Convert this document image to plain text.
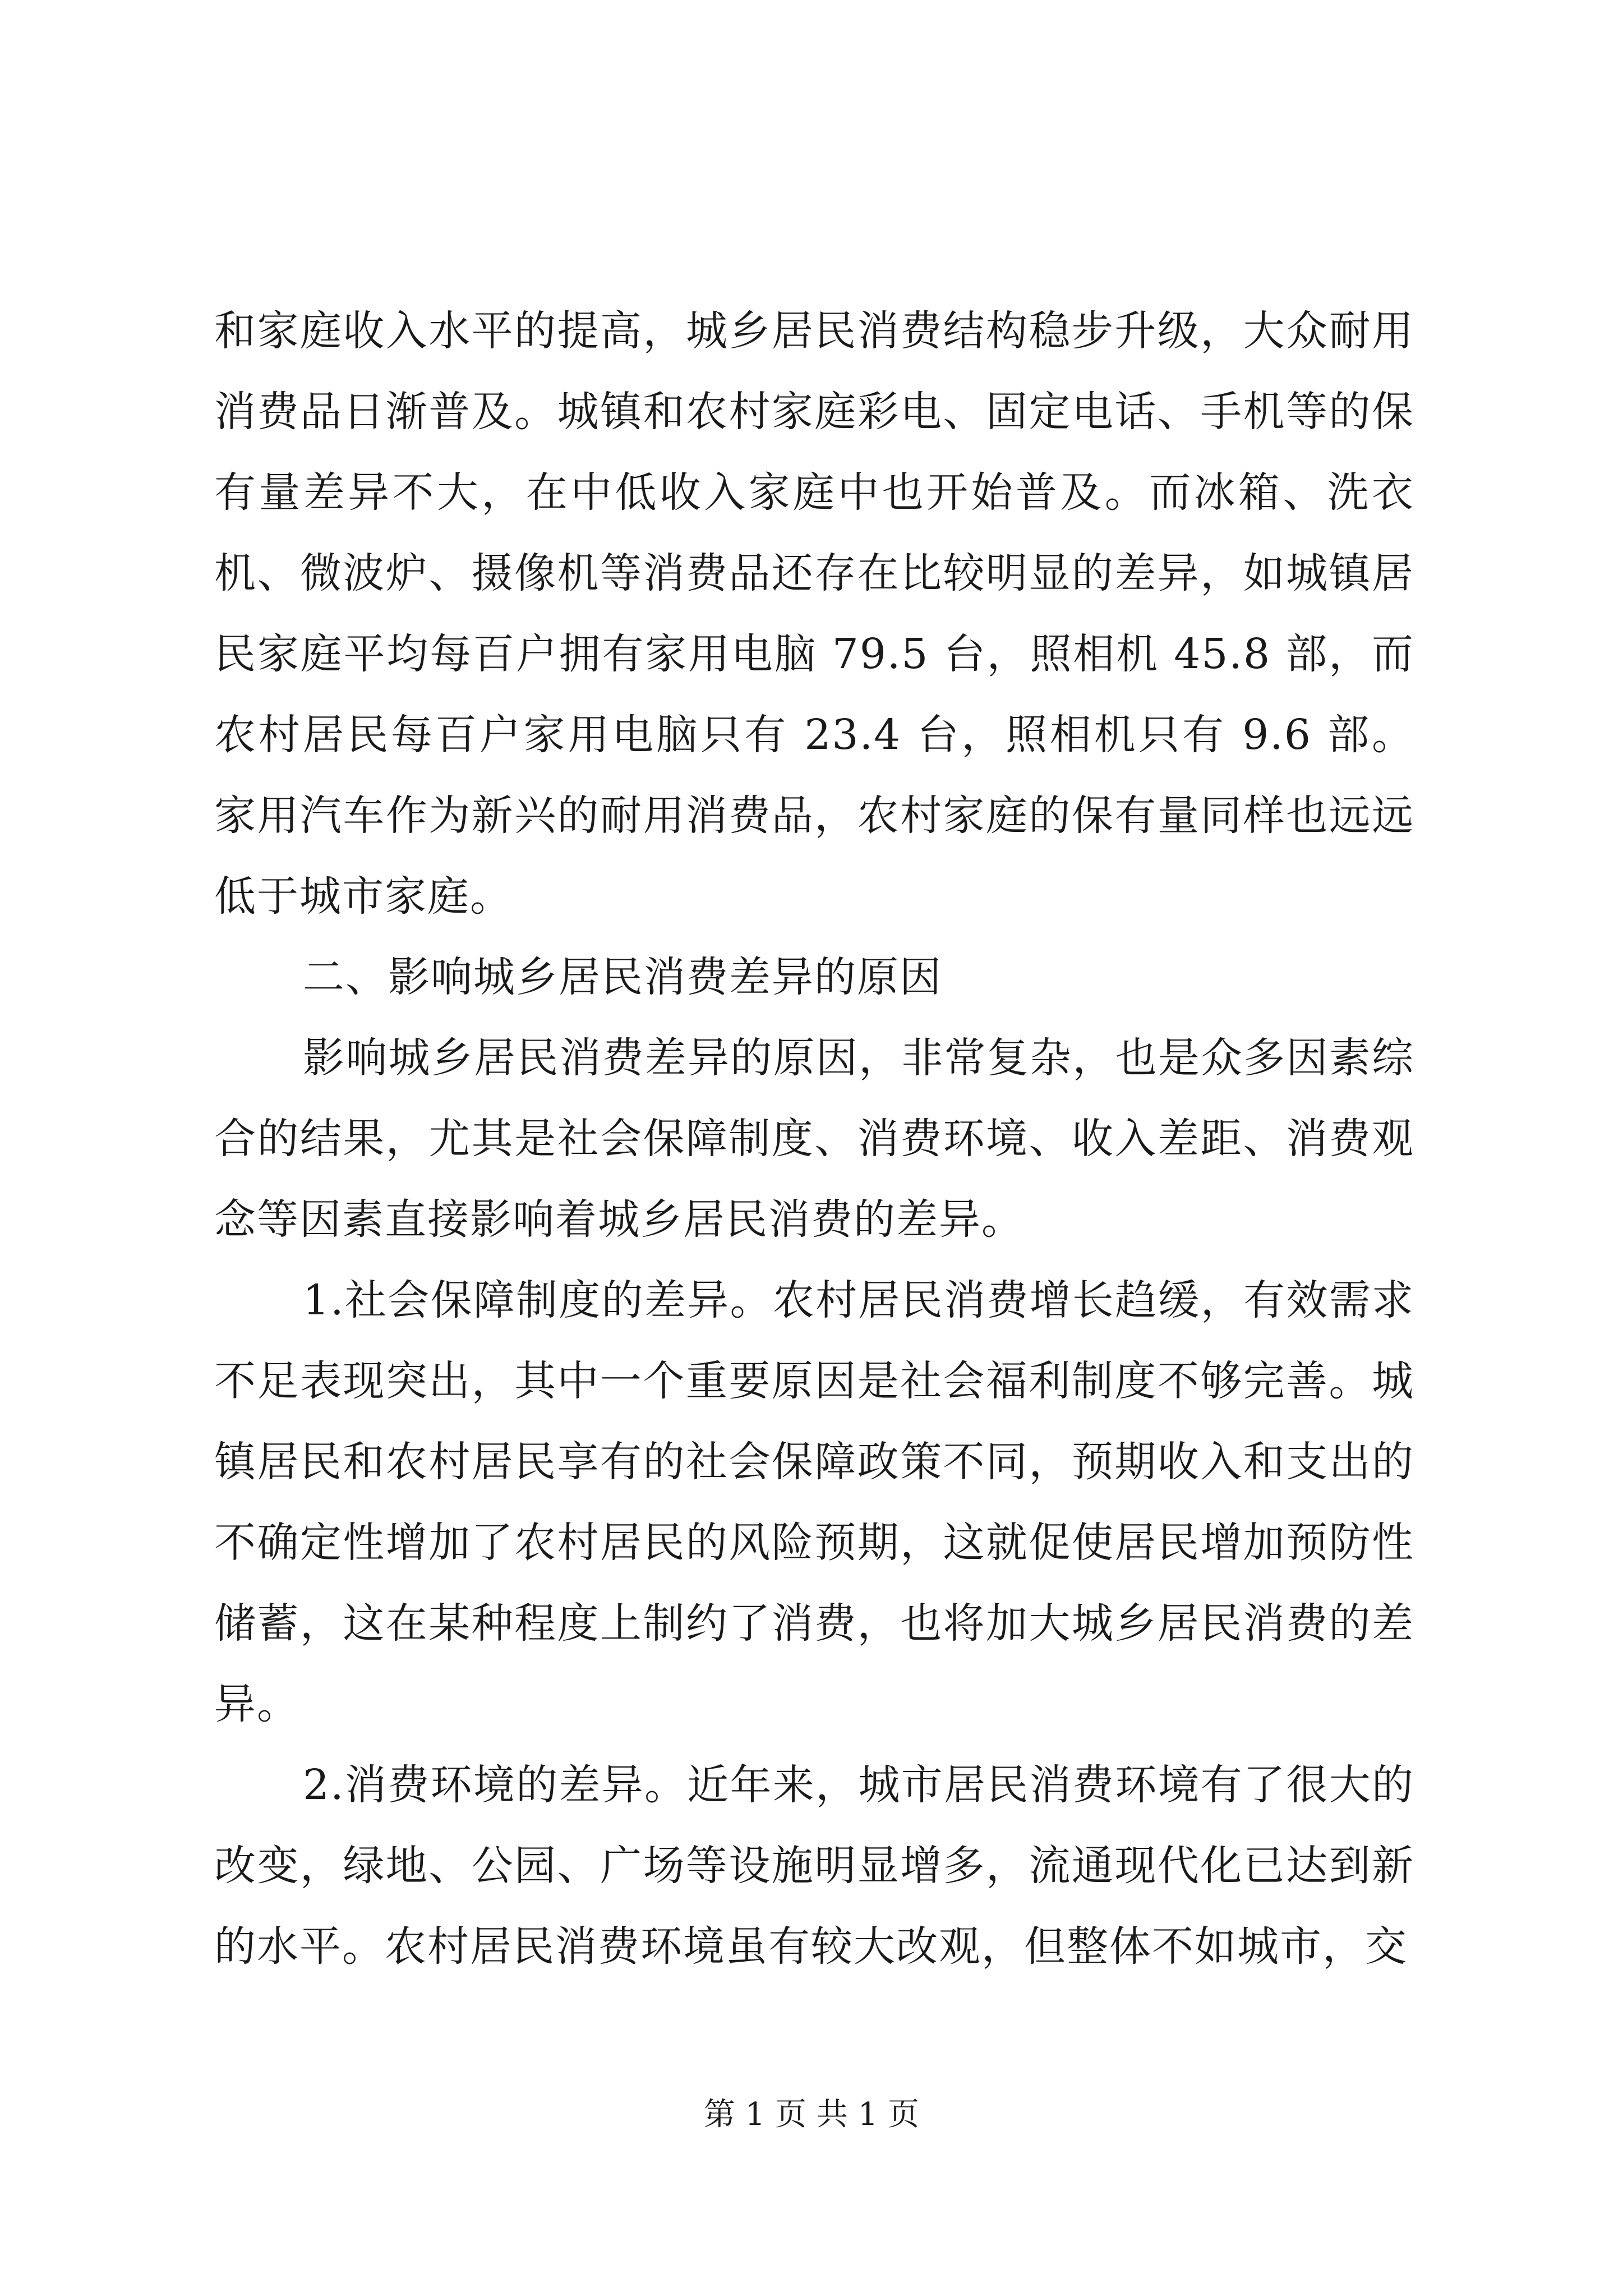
和家庭收入水平的提高，城乡居民消费结构稳步升级，大众耐用消费品日渐普及。城镇和农村家庭彩电、固定电话、手机等的保有量差异不大，在中低收入家庭中也开始普及。而冰箱、洗衣机、微波炉、摄像机等消费品还存在比较明显的差异，如城镇居民家庭平均每百户拥有家用电脑 79.5 台，照相机 45.8 部，而农村居民每百户家用电脑只有 23.4 台，照相机只有 9.6 部。家用汽车作为新兴的耐用消费品，农村家庭的保有量同样也远远低于城市家庭。

二、影响城乡居民消费差异的原因

影响城乡居民消费差异的原因，非常复杂，也是众多因素综合的结果，尤其是社会保障制度、消费环境、收入差距、消费观念等因素直接影响着城乡居民消费的差异。

1.社会保障制度的差异。农村居民消费增长趋缓，有效需求不足表现突出，其中一个重要原因是社会福利制度不够完善。城镇居民和农村居民享有的社会保障政策不同，预期收入和支出的不确定性增加了农村居民的风险预期，这就促使居民增加预防性储蓄，这在某种程度上制约了消费，也将加大城乡居民消费的差异。

2.消费环境的差异。近年来，城市居民消费环境有了很大的改变，绿地、公园、广场等设施明显增多，流通现代化已达到新的水平。农村居民消费环境虽有较大改观，但整体不如城市，交

第 1 页 共 1 页
